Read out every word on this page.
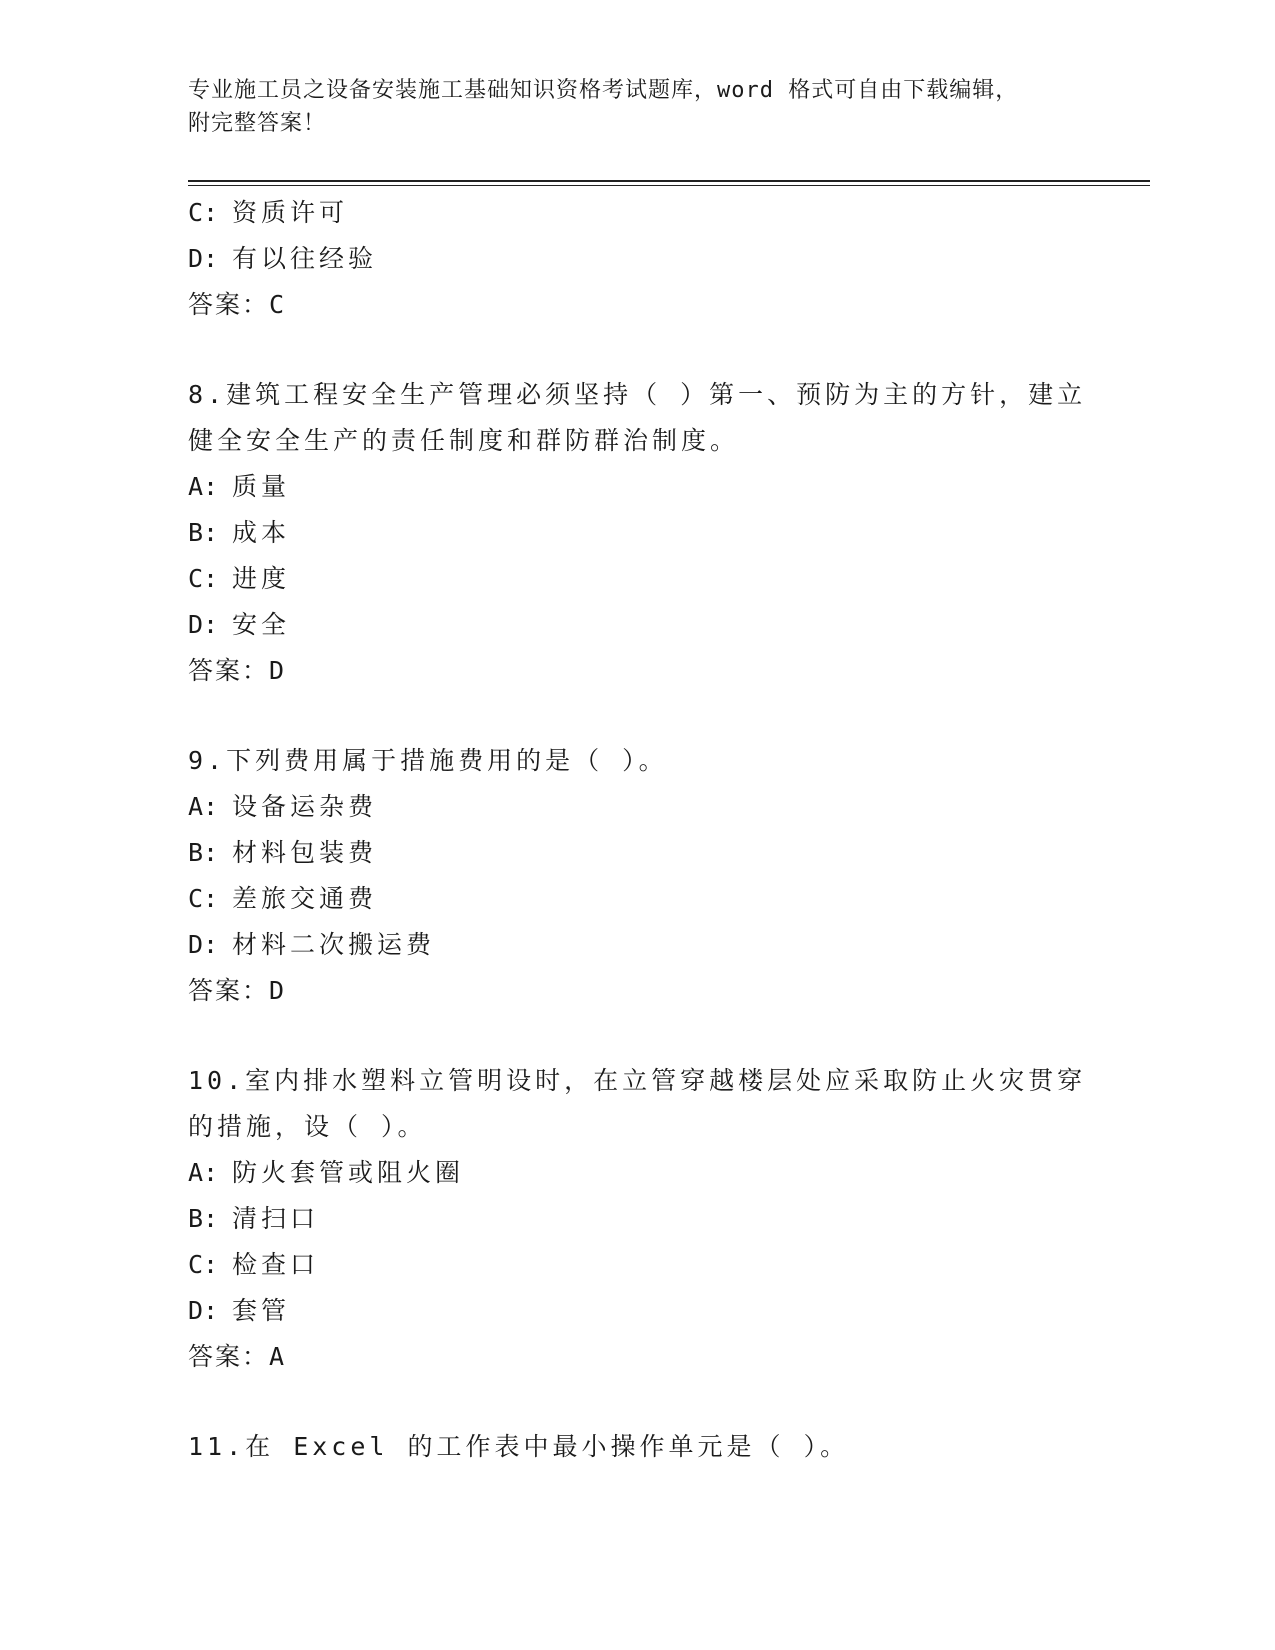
专业施工员之设备安装施工基础知识资格考试题库，word 格式可自由下载编辑，
附完整答案！
C: 资质许可
D: 有以往经验
答案：C
8.建筑工程安全生产管理必须坚持（ ）第一、预防为主的方针，建立
健全安全生产的责任制度和群防群治制度。
A: 质量
B: 成本
C: 进度
D: 安全
答案：D
9.下列费用属于措施费用的是（ ）。
A: 设备运杂费
B: 材料包装费
C: 差旅交通费
D: 材料二次搬运费
答案：D
10.室内排水塑料立管明设时，在立管穿越楼层处应采取防止火灾贯穿
的措施，设（ ）。
A: 防火套管或阻火圈
B: 清扫口
C: 检查口
D: 套管
答案：A
11.在 Excel 的工作表中最小操作单元是（ ）。
